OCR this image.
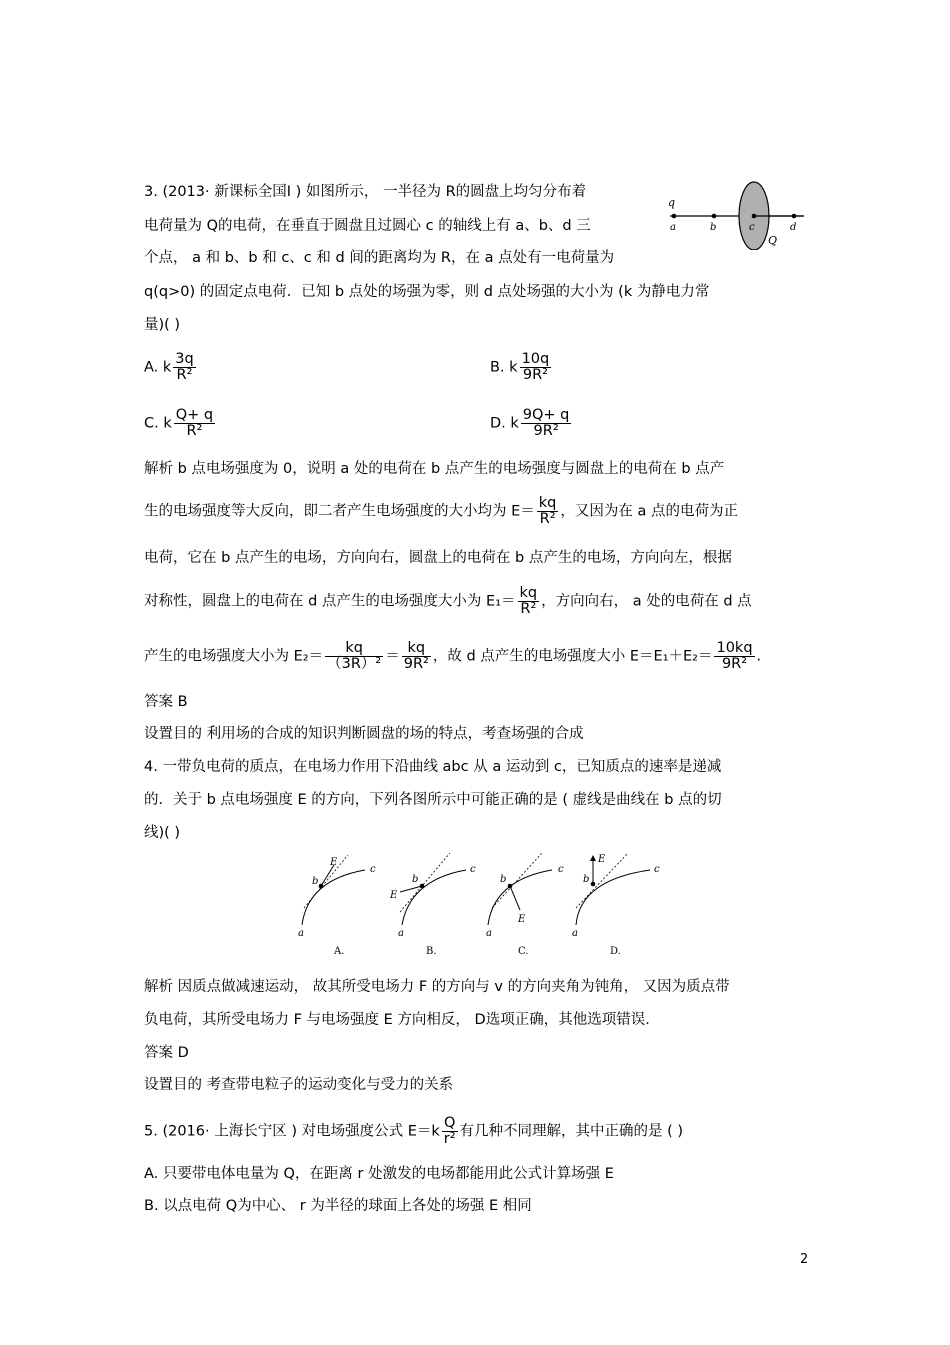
3. (2013· 新课标全国Ⅰ ) 如图所示， 一半径为 R的圆盘上均匀分布着
电荷量为 Q的电荷，在垂直于圆盘且过圆心 c 的轴线上有 a、b、d 三
个点， a 和 b、b 和 c、c 和 d 间的距离均为 R，在 a 点处有一电荷量为
q(q>0) 的固定点电荷．已知 b 点处的场强为零，则 d 点处场强的大小为 (k 为静电力常
量)( )
q
a	b	c	d
Q
A. k $\frac{3q}{\text{R²}}$	B. k $\frac{10q}{\text{9R²}}$
C. k $\frac{Q+ q}{\text{R²}}$	D. k $\frac{9Q+ q}{\text{9R²}}$
解析 b 点电场强度为 0，说明 a 处的电荷在 b 点产生的电场强度与圆盘上的电荷在 b 点产
生的电场强度等大反向，即二者产生电场强度的大小均为 $E= \frac{kq}{\text{R²}}$ ，又因为在 a 点的电荷为正
电荷，它在 b 点产生的电场，方向向右，圆盘上的电荷在 b 点产生的电场，方向向左，根据
对称性，圆盘上的电荷在 d 点产生的电场强度大小为 $E_1= \frac{kq}{\text{R²}}$ ，方向向右， a 处的电荷在 d 点
产生的电场强度大小为 $E_2= \frac{kq}{\text{（3R）²}} = \frac{kq}{\text{9R²}}$ ，故 d 点产生的电场强度大小 $E=E_1+E_2= \frac{10kq}{\text{9R²}}$ .
答案 B
设置目的 利用场的合成的知识判断圆盘的场的特点，考查场强的合成
4. 一带负电荷的质点，在电场力作用下沿曲线 abc 从 a 运动到 c，已知质点的速率是递减
的．关于 b 点电场强度 E 的方向，下列各图所示中可能正确的是 ( 虚线是曲线在 b 点的切
线)( )
b
E
c
a
A.
b
E
c
a
B.
b
E
c
a
C.
b
E
c
a
D.
解析 因质点做减速运动， 故其所受电场力 F 的方向与 v 的方向夹角为钝角， 又因为质点带
负电荷，其所受电场力 F 与电场强度 E 方向相反， D选项正确，其他选项错误．
答案 D
设置目的 考查带电粒子的运动变化与受力的关系
5. (2016· 上海长宁区 ) 对电场强度公式 $E=k \frac{Q}{\text{r²}}$ 有几种不同理解，其中正确的是 ( )
A. 只要带电体电量为 Q，在距离 r 处激发的电场都能用此公式计算场强 E
B. 以点电荷 Q为中心、 r 为半径的球面上各处的场强 E 相同
2
